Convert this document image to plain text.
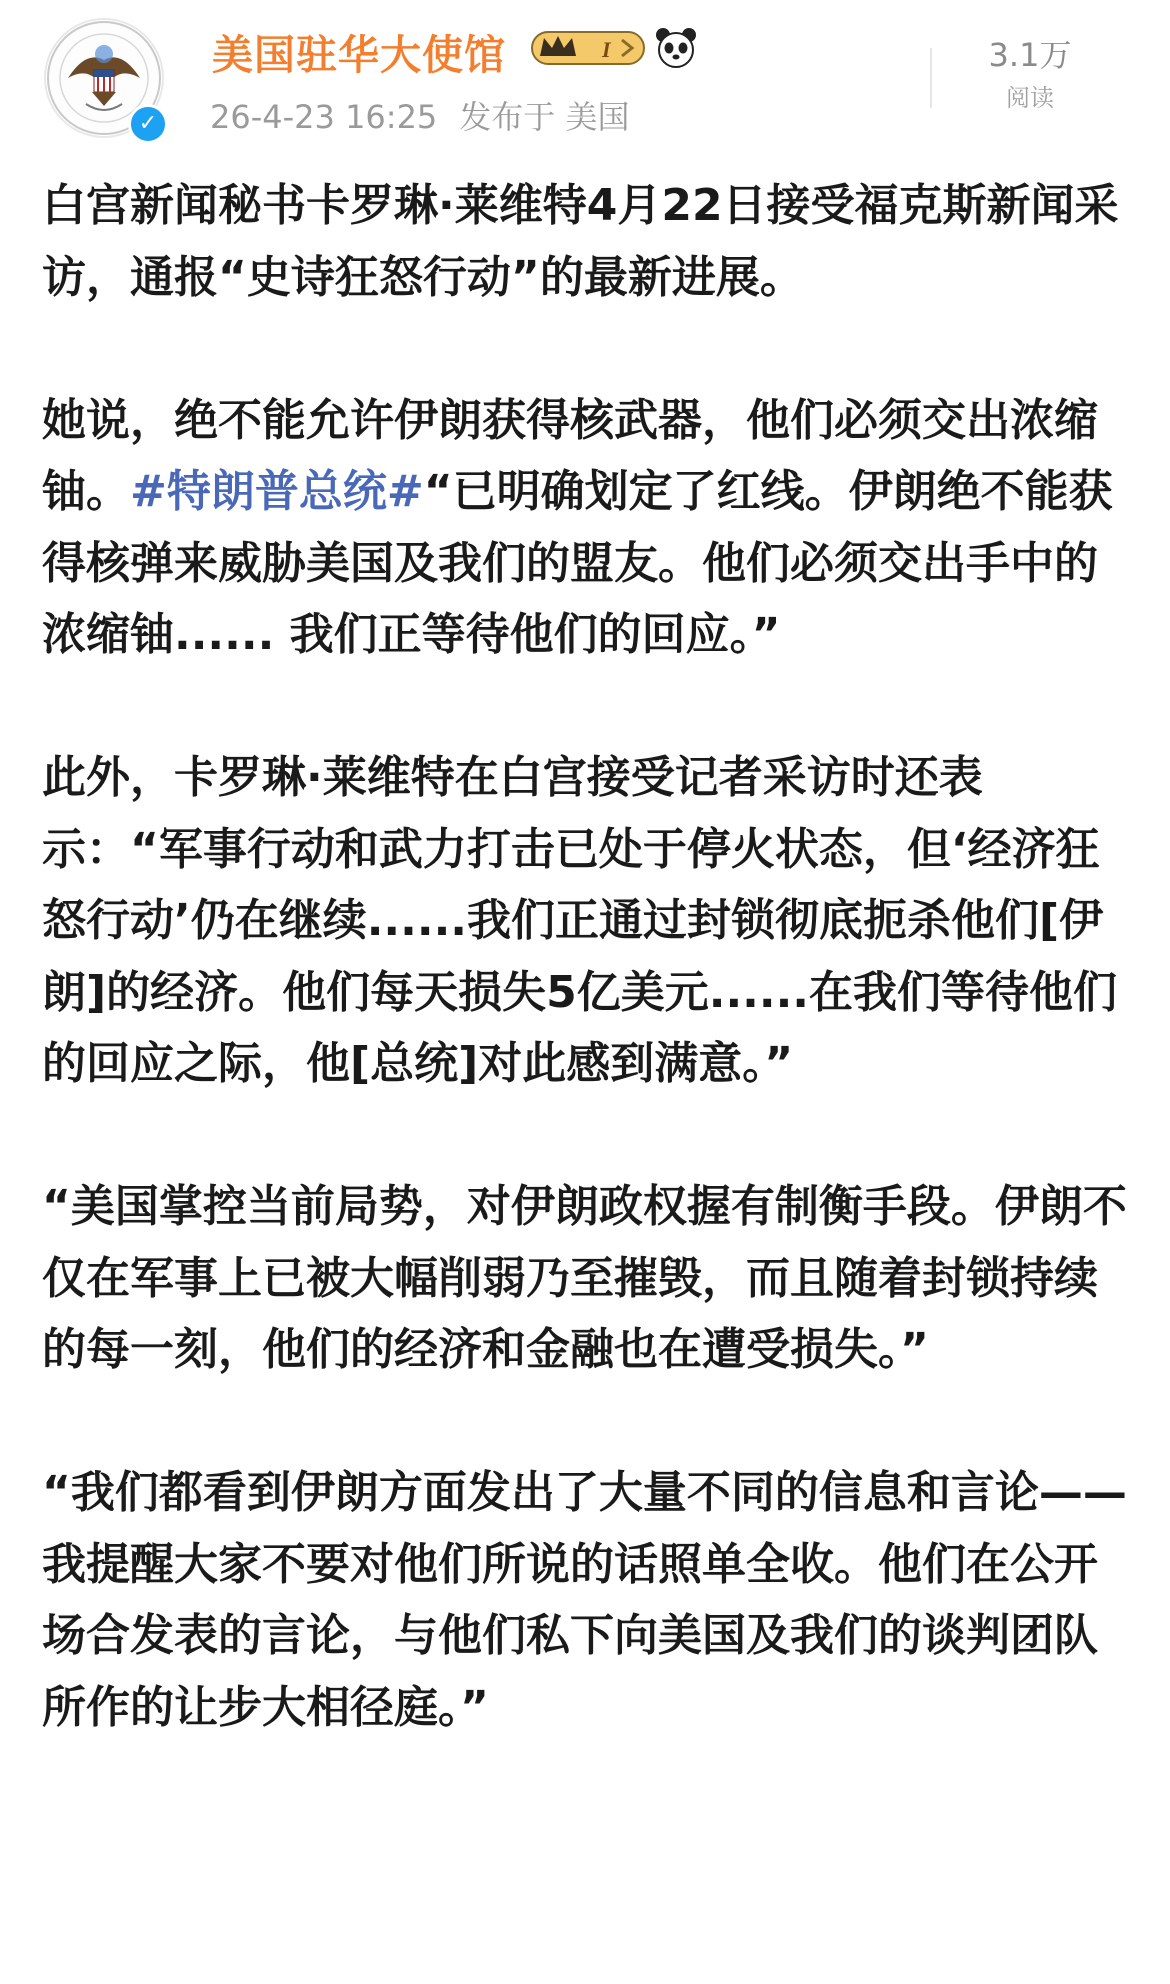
✓
美国驻华大使馆	I
26-4-23 16:25 发布于 美国
3.1万
阅读

白宫新闻秘书卡罗琳·莱维特4月22日接受福克斯新闻采访，通报“史诗狂怒行动”的最新进展。

她说，绝不能允许伊朗获得核武器，他们必须交出浓缩铀。#特朗普总统#“已明确划定了红线。伊朗绝不能获得核弹来威胁美国及我们的盟友。他们必须交出手中的浓缩铀...... 我们正等待他们的回应。”

此外，卡罗琳·莱维特在白宫接受记者采访时还表示：“军事行动和武力打击已处于停火状态，但‘经济狂怒行动’仍在继续......我们正通过封锁彻底扼杀他们[伊朗]的经济。他们每天损失5亿美元......在我们等待他们的回应之际，他[总统]对此感到满意。”

“美国掌控当前局势，对伊朗政权握有制衡手段。伊朗不仅在军事上已被大幅削弱乃至摧毁，而且随着封锁持续的每一刻，他们的经济和金融也在遭受损失。”

“我们都看到伊朗方面发出了大量不同的信息和言论——我提醒大家不要对他们所说的话照单全收。他们在公开场合发表的言论，与他们私下向美国及我们的谈判团队所作的让步大相径庭。”
